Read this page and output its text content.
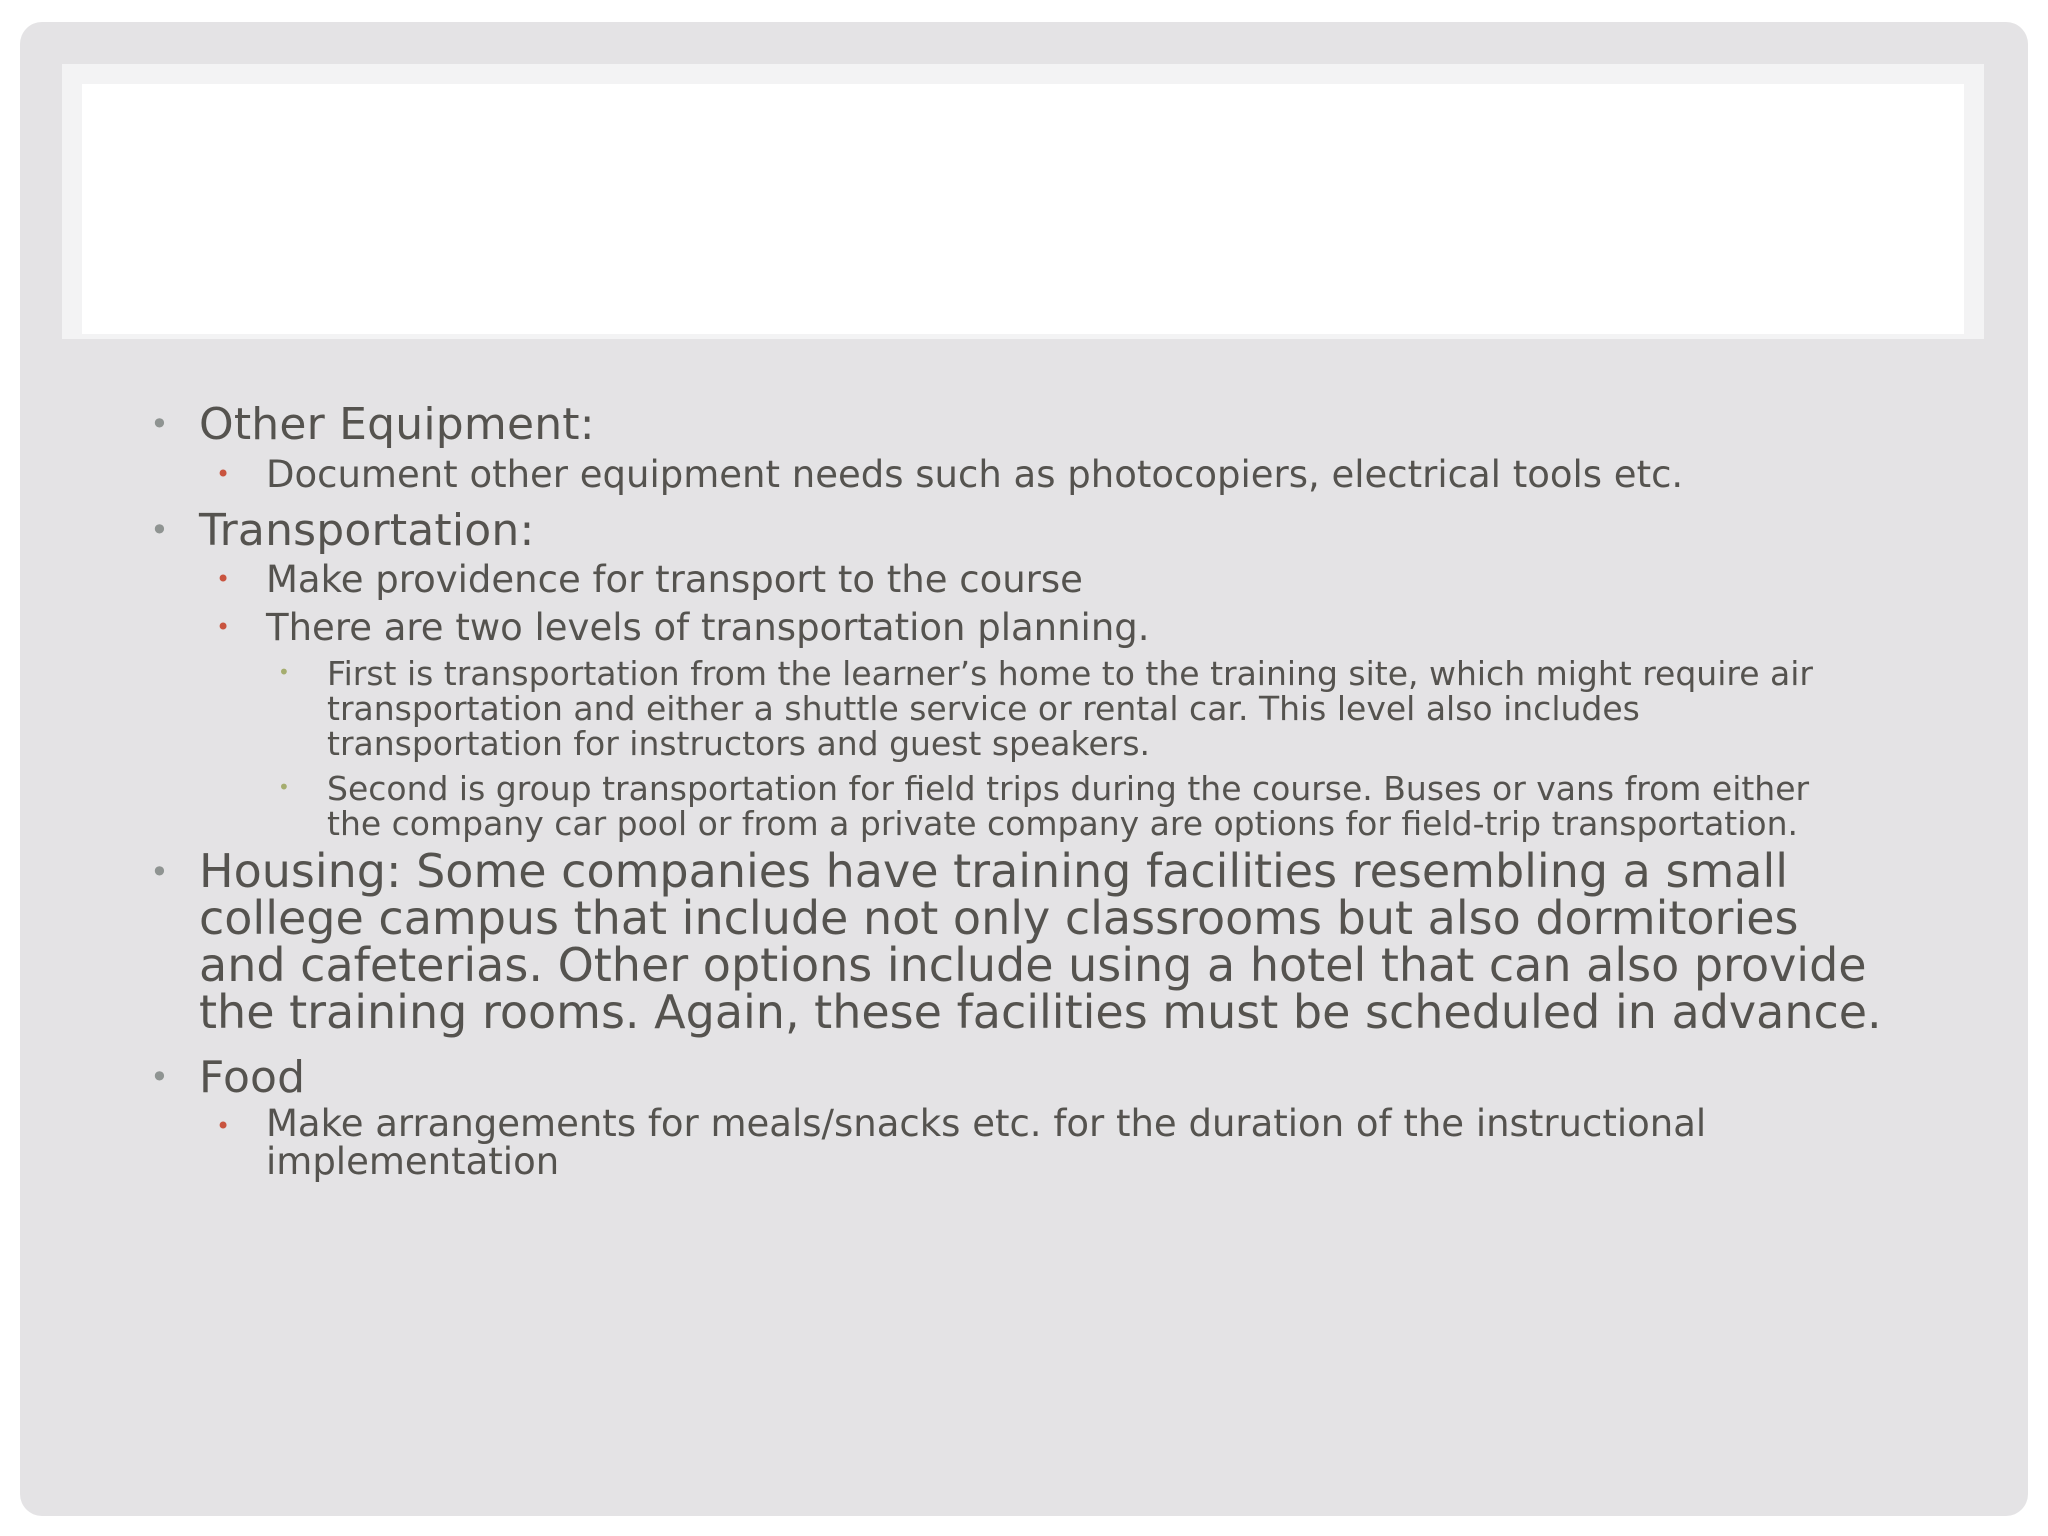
• Other Equipment:
• Document other equipment needs such as photocopiers, electrical tools etc.
• Transportation:
• Make providence for transport to the course
• There are two levels of transportation planning.
• First is transportation from the learner’s home to the training site, which might require air
transportation and either a shuttle service or rental car. This level also includes
transportation for instructors and guest speakers.
• Second is group transportation for field trips during the course. Buses or vans from either
the company car pool or from a private company are options for field-trip transportation.
• Housing: Some companies have training facilities resembling a small
college campus that include not only classrooms but also dormitories
and cafeterias. Other options include using a hotel that can also provide
the training rooms. Again, these facilities must be scheduled in advance.
• Food
• Make arrangements for meals/snacks etc. for the duration of the instructional
implementation
